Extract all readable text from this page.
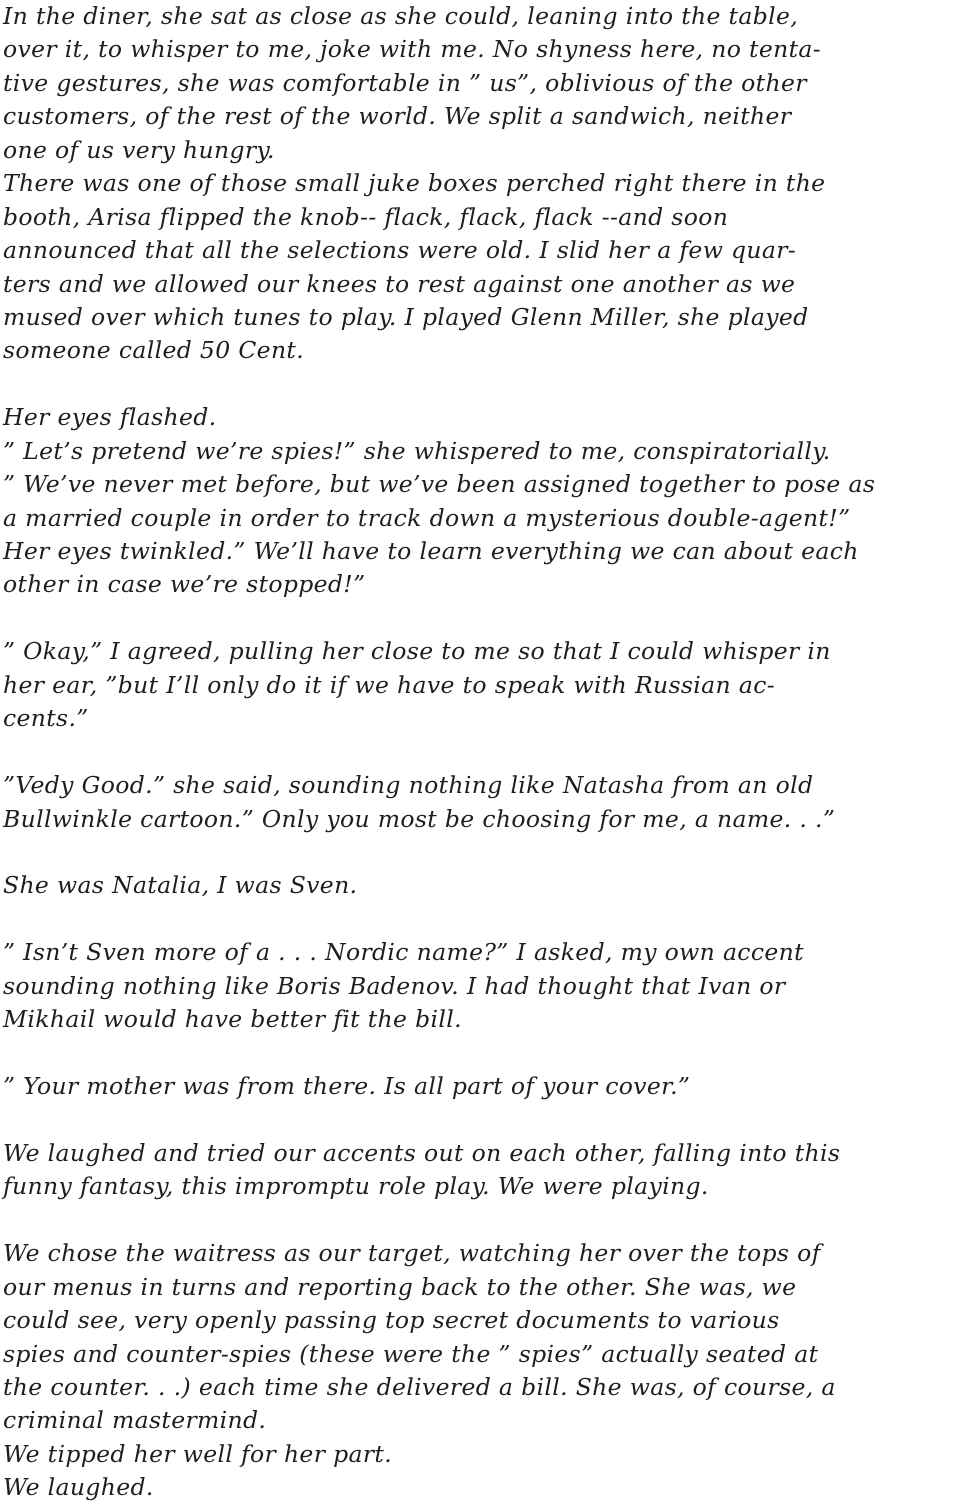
In the diner, she sat as close as she could, leaning into the table,
over it, to whisper to me, joke with me. No shyness here, no tenta-
tive gestures, she was comfortable in ” us”, oblivious of the other
customers, of the rest of the world. We split a sandwich, neither
one of us very hungry.
There was one of those small juke boxes perched right there in the
booth, Arisa flipped the knob-- flack, flack, flack --and soon
announced that all the selections were old. I slid her a few quar-
ters and we allowed our knees to rest against one another as we
mused over which tunes to play. I played Glenn Miller, she played
someone called 50 Cent.
Her eyes flashed.
” Let’s pretend we’re spies!” she whispered to me, conspiratorially.
” We’ve never met before, but we’ve been assigned together to pose as
a married couple in order to track down a mysterious double-agent!”
Her eyes twinkled.” We’ll have to learn everything we can about each
other in case we’re stopped!”
” Okay,” I agreed, pulling her close to me so that I could whisper in
her ear, ”but I’ll only do it if we have to speak with Russian ac-
cents.”
”Vedy Good.” she said, sounding nothing like Natasha from an old
Bullwinkle cartoon.” Only you most be choosing for me, a name. . .”
She was Natalia, I was Sven.
” Isn’t Sven more of a . . . Nordic name?” I asked, my own accent
sounding nothing like Boris Badenov. I had thought that Ivan or
Mikhail would have better fit the bill.
” Your mother was from there. Is all part of your cover.”
We laughed and tried our accents out on each other, falling into this
funny fantasy, this impromptu role play. We were playing.
We chose the waitress as our target, watching her over the tops of
our menus in turns and reporting back to the other. She was, we
could see, very openly passing top secret documents to various
spies and counter-spies (these were the ” spies” actually seated at
the counter. . .) each time she delivered a bill. She was, of course, a
criminal mastermind.
We tipped her well for her part.
We laughed.
